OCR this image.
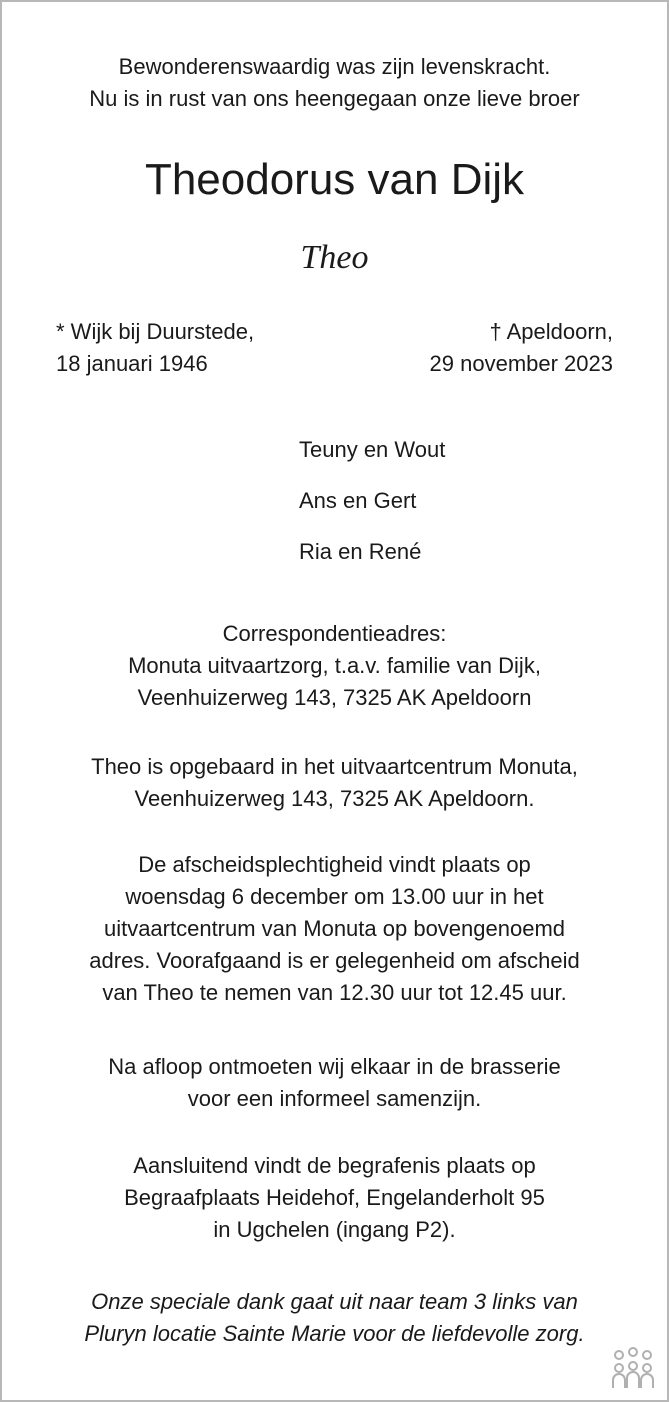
Bewonderenswaardig was zijn levenskracht.
Nu is in rust van ons heengegaan onze lieve broer
Theodorus van Dijk
Theo
* Wijk bij Duurstede,
18 januari 1946
† Apeldoorn,
29 november 2023
Teuny en Wout
Ans en Gert
Ria en René
Correspondentieadres:
Monuta uitvaartzorg, t.a.v. familie van Dijk,
Veenhuizerweg 143, 7325 AK Apeldoorn
Theo is opgebaard in het uitvaartcentrum Monuta,
Veenhuizerweg 143, 7325 AK Apeldoorn.
De afscheidsplechtigheid vindt plaats op
woensdag 6 december om 13.00 uur in het
uitvaartcentrum van Monuta op bovengenoemd
adres. Voorafgaand is er gelegenheid om afscheid
van Theo te nemen van 12.30 uur tot 12.45 uur.
Na afloop ontmoeten wij elkaar in de brasserie
voor een informeel samenzijn.
Aansluitend vindt de begrafenis plaats op
Begraafplaats Heidehof, Engelanderholt 95
in Ugchelen (ingang P2).
Onze speciale dank gaat uit naar team 3 links van
Pluryn locatie Sainte Marie voor de liefdevolle zorg.
